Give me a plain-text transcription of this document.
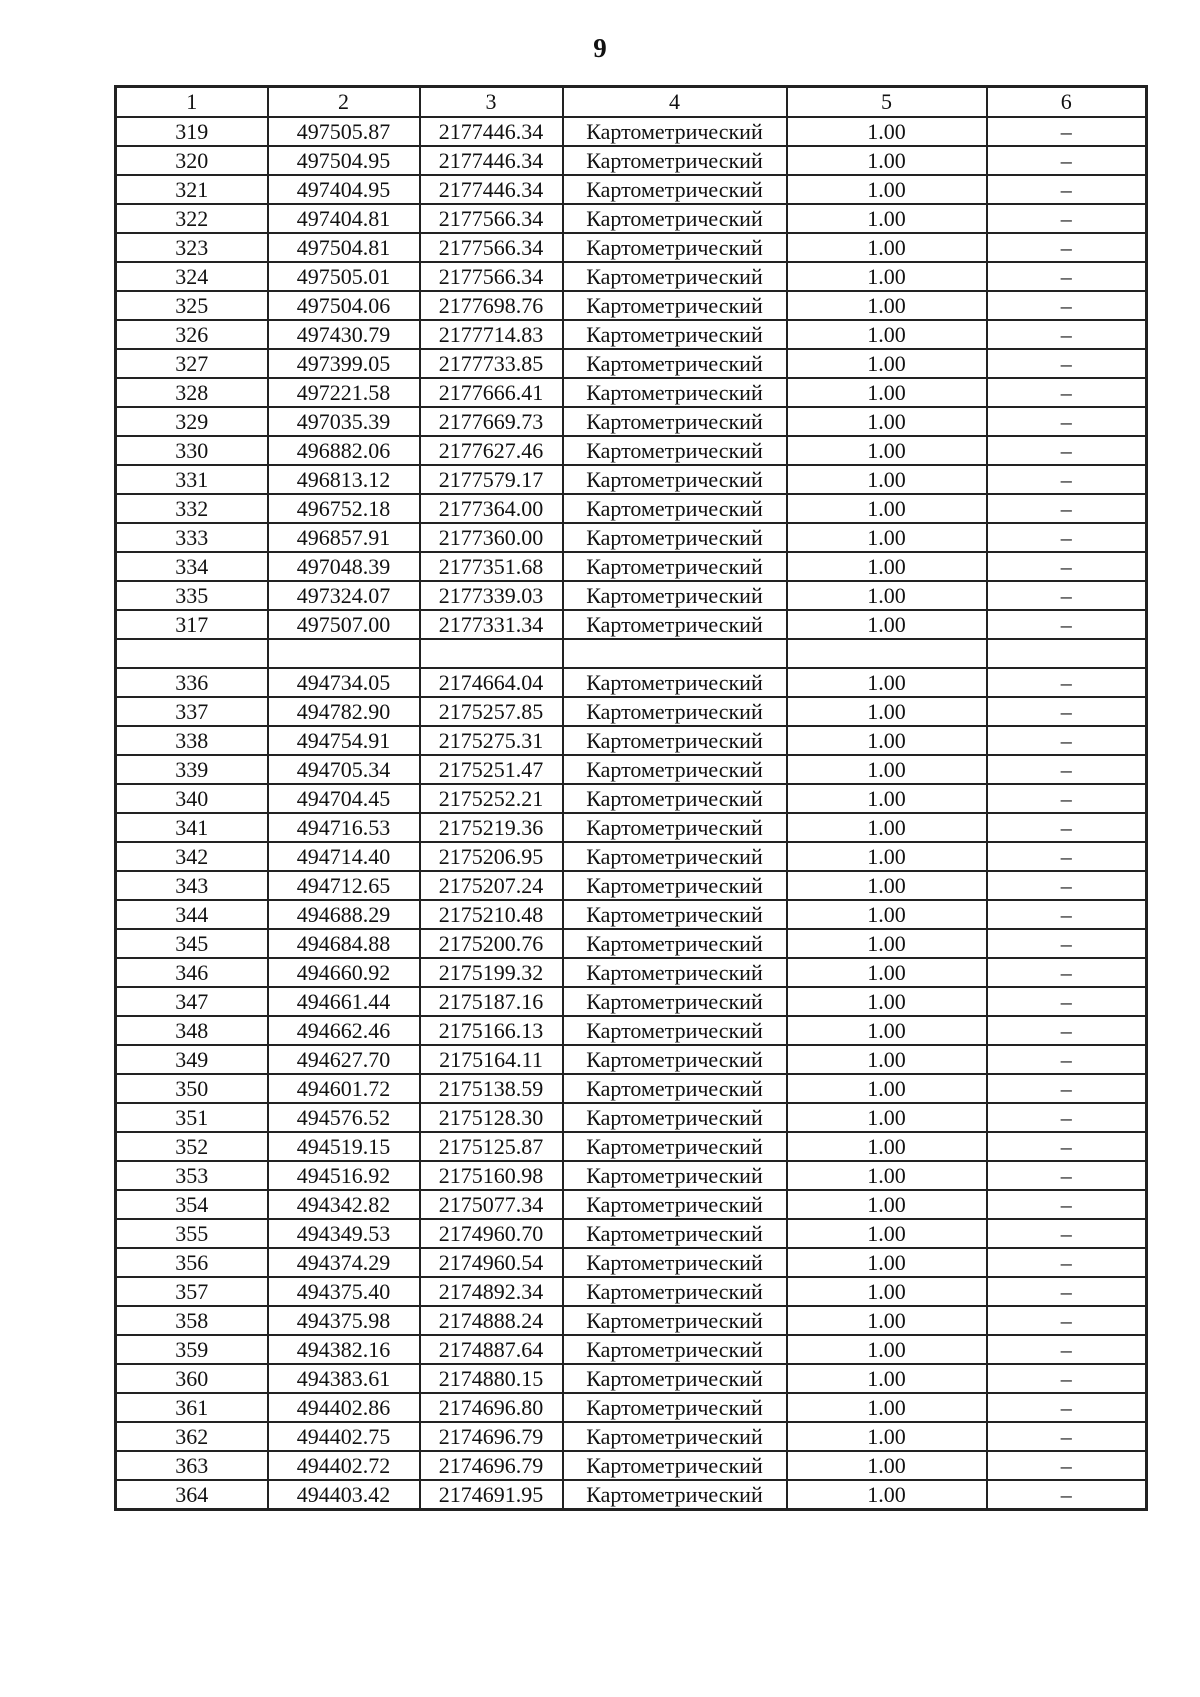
9
1	2	3	4	5	6
319	497505.87	2177446.34	Картометрический	1.00	–
320	497504.95	2177446.34	Картометрический	1.00	–
321	497404.95	2177446.34	Картометрический	1.00	–
322	497404.81	2177566.34	Картометрический	1.00	–
323	497504.81	2177566.34	Картометрический	1.00	–
324	497505.01	2177566.34	Картометрический	1.00	–
325	497504.06	2177698.76	Картометрический	1.00	–
326	497430.79	2177714.83	Картометрический	1.00	–
327	497399.05	2177733.85	Картометрический	1.00	–
328	497221.58	2177666.41	Картометрический	1.00	–
329	497035.39	2177669.73	Картометрический	1.00	–
330	496882.06	2177627.46	Картометрический	1.00	–
331	496813.12	2177579.17	Картометрический	1.00	–
332	496752.18	2177364.00	Картометрический	1.00	–
333	496857.91	2177360.00	Картометрический	1.00	–
334	497048.39	2177351.68	Картометрический	1.00	–
335	497324.07	2177339.03	Картометрический	1.00	–
317	497507.00	2177331.34	Картометрический	1.00	–

336	494734.05	2174664.04	Картометрический	1.00	–
337	494782.90	2175257.85	Картометрический	1.00	–
338	494754.91	2175275.31	Картометрический	1.00	–
339	494705.34	2175251.47	Картометрический	1.00	–
340	494704.45	2175252.21	Картометрический	1.00	–
341	494716.53	2175219.36	Картометрический	1.00	–
342	494714.40	2175206.95	Картометрический	1.00	–
343	494712.65	2175207.24	Картометрический	1.00	–
344	494688.29	2175210.48	Картометрический	1.00	–
345	494684.88	2175200.76	Картометрический	1.00	–
346	494660.92	2175199.32	Картометрический	1.00	–
347	494661.44	2175187.16	Картометрический	1.00	–
348	494662.46	2175166.13	Картометрический	1.00	–
349	494627.70	2175164.11	Картометрический	1.00	–
350	494601.72	2175138.59	Картометрический	1.00	–
351	494576.52	2175128.30	Картометрический	1.00	–
352	494519.15	2175125.87	Картометрический	1.00	–
353	494516.92	2175160.98	Картометрический	1.00	–
354	494342.82	2175077.34	Картометрический	1.00	–
355	494349.53	2174960.70	Картометрический	1.00	–
356	494374.29	2174960.54	Картометрический	1.00	–
357	494375.40	2174892.34	Картометрический	1.00	–
358	494375.98	2174888.24	Картометрический	1.00	–
359	494382.16	2174887.64	Картометрический	1.00	–
360	494383.61	2174880.15	Картометрический	1.00	–
361	494402.86	2174696.80	Картометрический	1.00	–
362	494402.75	2174696.79	Картометрический	1.00	–
363	494402.72	2174696.79	Картометрический	1.00	–
364	494403.42	2174691.95	Картометрический	1.00	–
